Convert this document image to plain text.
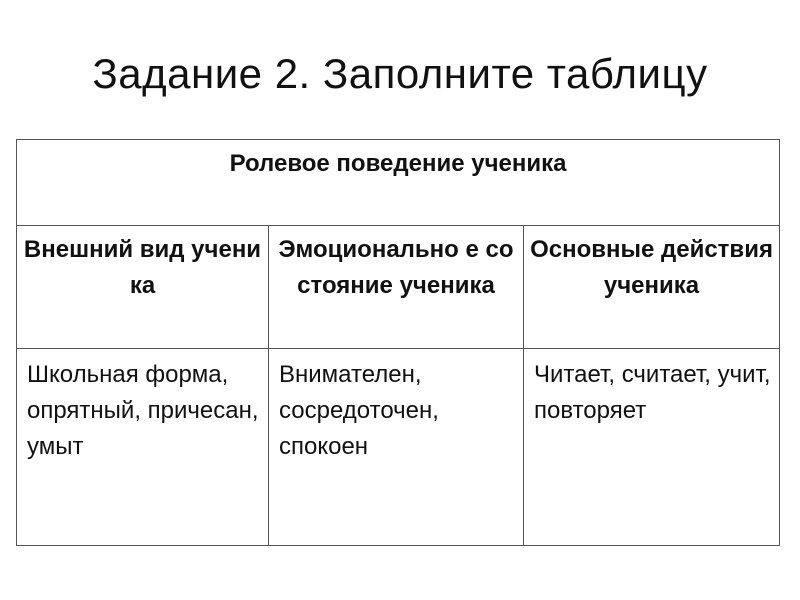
Задание 2. Заполните таблицу
Ролевое поведение ученика		

Внешний вид ученика	Эмоционально е состояние ученика	Основные действия ученика

Школьная форма, опрятный, причесан, умыт	Внимателен, сосредоточен, спокоен	Читает, считает, учит, повторяет
